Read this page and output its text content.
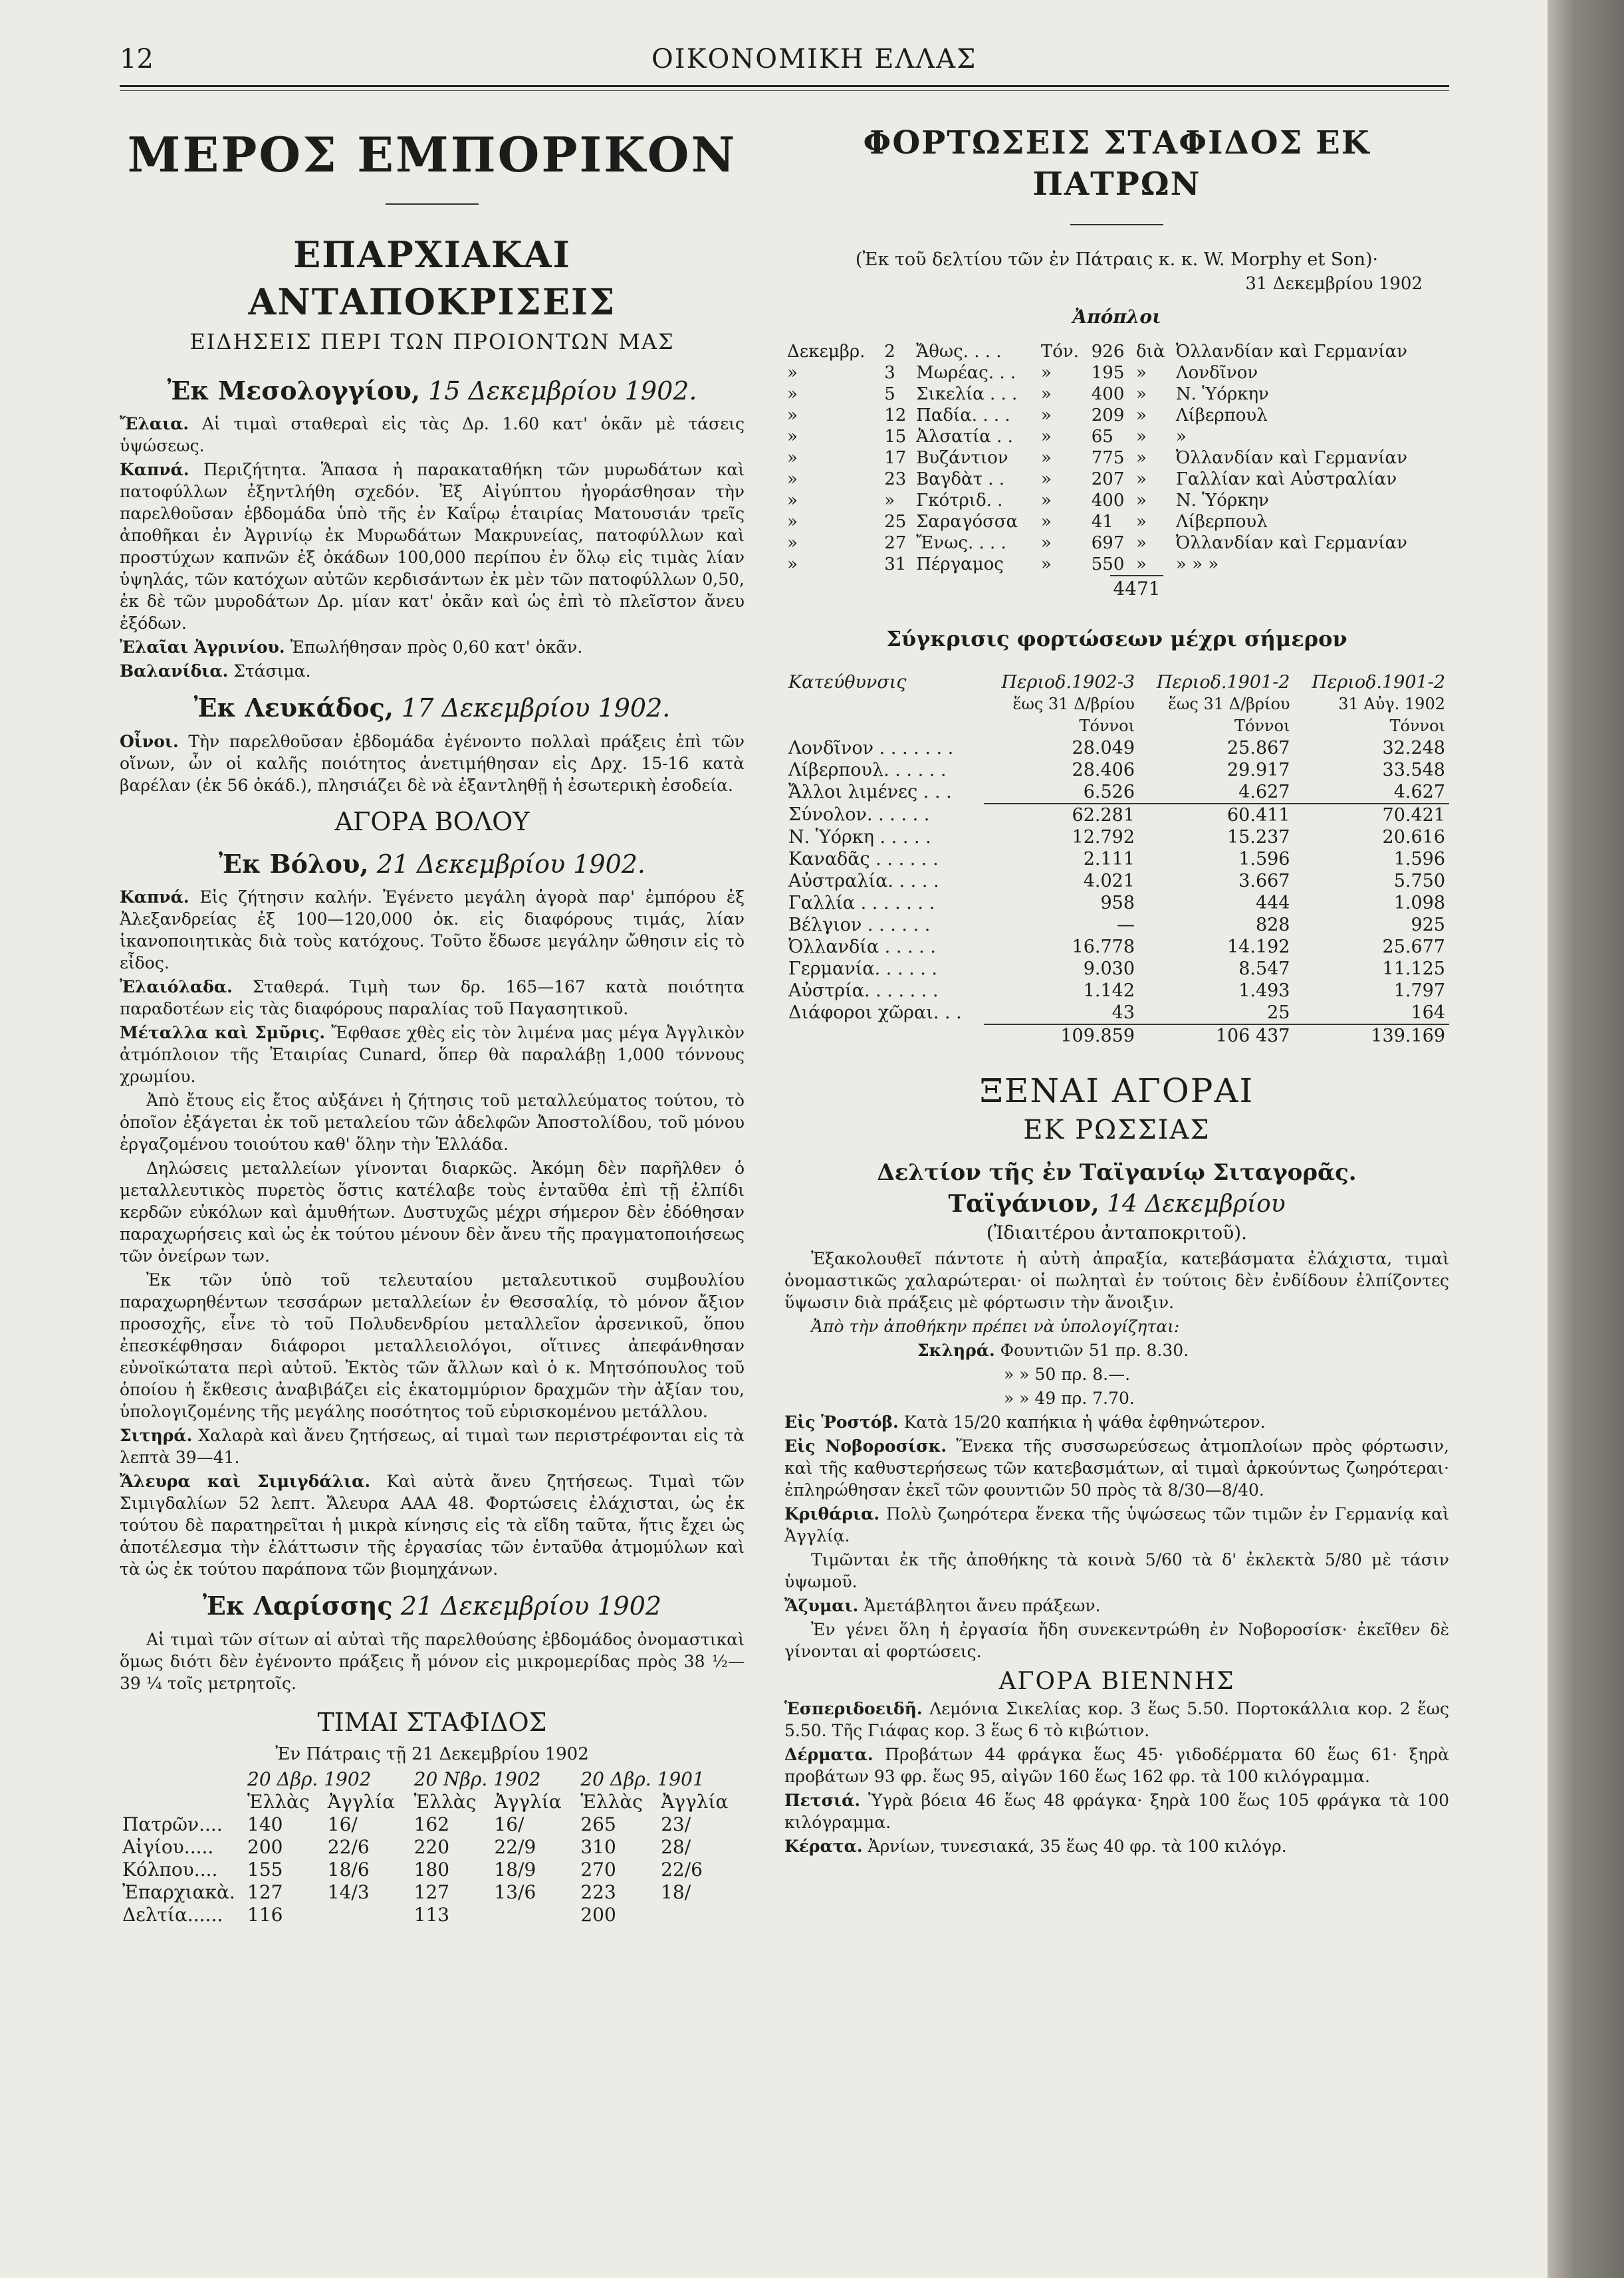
12	ΟΙΚΟΝΟΜΙΚΗ ΕΛΛΑΣ
ΜΕΡΟΣ ΕΜΠΟΡΙΚΟΝ
ΕΠΑΡΧΙΑΚΑΙ ΑΝΤΑΠΟΚΡΙΣΕΙΣ
ΕΙΔΗΣΕΙΣ ΠΕΡΙ ΤΩΝ ΠΡΟΙΟΝΤΩΝ ΜΑΣ
Ἐκ Μεσολογγίου, 15 Δεκεμβρίου 1902.

Ἔλαια. Αἱ τιμαὶ σταθεραὶ εἰς τὰς Δρ. 1.60 κατ' ὀκᾶν μὲ τάσεις ὑψώσεως.

Καπνά. Περιζήτητα. Ἅπασα ἡ παρακαταθήκη τῶν μυρωδάτων καὶ πατοφύλλων ἐξηντλήθη σχεδόν. Ἐξ Αἰγύπτου ἠγοράσθησαν τὴν παρελθοῦσαν ἑβδομάδα ὑπὸ τῆς ἐν Καΐρῳ ἑταιρίας Ματουσιάν τρεῖς ἀποθῆκαι ἐν Ἀγρινίῳ ἐκ Μυρωδάτων Μακρυνείας, πατοφύλλων καὶ προστύχων καπνῶν ἐξ ὀκάδων 100,000 περίπου ἐν ὅλῳ εἰς τιμὰς λίαν ὑψηλάς, τῶν κατόχων αὐτῶν κερδισάντων ἐκ μὲν τῶν πατοφύλλων 0,50, ἐκ δὲ τῶν μυροδάτων Δρ. μίαν κατ' ὀκᾶν καὶ ὡς ἐπὶ τὸ πλεῖστον ἄνευ ἐξόδων.

Ἐλαῖαι Ἀγρινίου. Ἐπωλήθησαν πρὸς 0,60 κατ' ὀκᾶν.

Βαλανίδια. Στάσιμα.

Ἐκ Λευκάδος, 17 Δεκεμβρίου 1902.

Οἶνοι. Τὴν παρελθοῦσαν ἑβδομάδα ἐγένοντο πολλαὶ πράξεις ἐπὶ τῶν οἴνων, ὧν οἱ καλῆς ποιότητος ἀνετιμήθησαν εἰς Δρχ. 15-16 κατὰ βαρέλαν (ἐκ 56 ὀκάδ.), πλησιάζει δὲ νὰ ἐξαντληθῇ ἡ ἐσωτερικὴ ἐσοδεία.

ΑΓΟΡΑ ΒΟΛΟΥ
Ἐκ Βόλου, 21 Δεκεμβρίου 1902.

Καπνά. Εἰς ζήτησιν καλήν. Ἐγένετο μεγάλη ἀγορὰ παρ' ἐμπόρου ἐξ Ἀλεξανδρείας ἐξ 100—120,000 ὀκ. εἰς διαφόρους τιμάς, λίαν ἱκανοποιητικὰς διὰ τοὺς κατόχους. Τοῦτο ἔδωσε μεγάλην ὤθησιν εἰς τὸ εἶδος.

Ἐλαιόλαδα. Σταθερά. Τιμὴ των δρ. 165—167 κατὰ ποιότητα παραδοτέων εἰς τὰς διαφόρους παραλίας τοῦ Παγασητικοῦ.

Μέταλλα καὶ Σμῦρις. Ἔφθασε χθὲς εἰς τὸν λιμένα μας μέγα Ἀγγλικὸν ἀτμόπλοιον τῆς Ἑταιρίας Cunard, ὅπερ θὰ παραλάβῃ 1,000 τόννους χρωμίου.

Ἀπὸ ἔτους εἰς ἔτος αὐξάνει ἡ ζήτησις τοῦ μεταλλεύματος τούτου, τὸ ὁποῖον ἐξάγεται ἐκ τοῦ μεταλείου τῶν ἀδελφῶν Ἀποστολίδου, τοῦ μόνου ἐργαζομένου τοιούτου καθ' ὅλην τὴν Ἑλλάδα.

Δηλώσεις μεταλλείων γίνονται διαρκῶς. Ἀκόμη δὲν παρῆλθεν ὁ μεταλλευτικὸς πυρετὸς ὅστις κατέλαβε τοὺς ἐνταῦθα ἐπὶ τῇ ἐλπίδι κερδῶν εὐκόλων καὶ ἀμυθήτων. Δυστυχῶς μέχρι σήμερον δὲν ἐδόθησαν παραχωρήσεις καὶ ὡς ἐκ τούτου μένουν δὲν ἄνευ τῆς πραγματοποιήσεως τῶν ὀνείρων των.

Ἐκ τῶν ὑπὸ τοῦ τελευταίου μεταλευτικοῦ συμβουλίου παραχωρηθέντων τεσσάρων μεταλλείων ἐν Θεσσαλίᾳ, τὸ μόνον ἄξιον προσοχῆς, εἶνε τὸ τοῦ Πολυδενδρίου μεταλλεῖον ἀρσενικοῦ, ὅπου ἐπεσκέφθησαν διάφοροι μεταλλειολόγοι, οἵτινες ἀπεφάνθησαν εὐνοϊκώτατα περὶ αὐτοῦ. Ἐκτὸς τῶν ἄλλων καὶ ὁ κ. Μητσόπουλος τοῦ ὁποίου ἡ ἔκθεσις ἀναβιβάζει εἰς ἑκατομμύριον δραχμῶν τὴν ἀξίαν του, ὑπολογιζομένης τῆς μεγάλης ποσότητος τοῦ εὑρισκομένου μετάλλου.

Σιτηρά. Χαλαρὰ καὶ ἄνευ ζητήσεως, αἱ τιμαὶ των περιστρέφονται εἰς τὰ λεπτὰ 39—41.

Ἄλευρα καὶ Σιμιγδάλια. Καὶ αὐτὰ ἄνευ ζητήσεως. Τιμαὶ τῶν Σιμιγδαλίων 52 λεπτ. Ἄλευρα ΑΑΑ 48. Φορτώσεις ἐλάχισται, ὡς ἐκ τούτου δὲ παρατηρεῖται ἡ μικρὰ κίνησις εἰς τὰ εἴδη ταῦτα, ἥτις ἔχει ὡς ἀποτέλεσμα τὴν ἐλάττωσιν τῆς ἐργασίας τῶν ἐνταῦθα ἀτμομύλων καὶ τὰ ὡς ἐκ τούτου παράπονα τῶν βιομηχάνων.

Ἐκ Λαρίσσης 21 Δεκεμβρίου 1902

Αἱ τιμαὶ τῶν σίτων αἱ αὐταὶ τῆς παρελθούσης ἑβδομάδος ὀνομαστικαὶ ὅμως διότι δὲν ἐγένοντο πράξεις ἤ μόνον εἰς μικρομερίδας πρὸς 38 ½—39 ¼ τοῖς μετρητοῖς.

ΤΙΜΑΙ ΣΤΑΦΙΔΟΣ

Ἐν Πάτραις τῇ 21 Δεκεμβρίου 1902

	20 Δβρ. 1902		20 Νβρ. 1902		20 Δβρ. 1901	
	Ἑλλὰς	Ἀγγλία	Ἑλλὰς	Ἀγγλία	Ἑλλὰς	Ἀγγλία
Πατρῶν....	140	16/	162	16/	265	23/
Αἰγίου.....	200	22/6	220	22/9	310	28/
Κόλπου....	155	18/6	180	18/9	270	22/6
Ἐπαρχιακὰ.	127	14/3	127	13/6	223	18/
Δελτία......	116		113		200	
ΦΟΡΤΩΣΕΙΣ ΣΤΑΦΙΔΟΣ ΕΚ ΠΑΤΡΩΝ

(Ἐκ τοῦ δελτίου τῶν ἐν Πάτραις κ. κ. W. Morphy et Son)·

31 Δεκεμβρίου 1902
Ἀπόπλοι
Δεκεμβρ.	2	Ἄθως. . . .	Τόν.	926	διὰ	Ὀλλανδίαν καὶ Γερμανίαν
»	3	Μωρέας. . .	»	195	»	Λονδῖνον
»	5	Σικελία . . .	»	400	»	Ν. Ὑόρκην
»	12	Παδία. . . .	»	209	»	Λίβερπουλ
»	15	Ἀλσατία . .	»	65	»	»
»	17	Βυζάντιον	»	775	»	Ὀλλανδίαν καὶ Γερμανίαν
»	23	Βαγδὰτ . .	»	207	»	Γαλλίαν καὶ Αὐστραλίαν
»	»	Γκότριδ. .	»	400	»	Ν. Ὑόρκην
»	25	Σαραγόσσα	»	41	»	Λίβερπουλ
»	27	Ἔνως. . . .	»	697	»	Ὀλλανδίαν καὶ Γερμανίαν
»	31	Πέργαμος	»	550	»	» » »
4471
Σύγκρισις φορτώσεων μέχρι σήμερον
Κατεύθυνσις	Περιοδ.1902-3	Περιοδ.1901-2	Περιοδ.1901-2
	ἕως 31 Δ/βρίου	ἕως 31 Δ/βρίου	31 Αὐγ. 1902
	Τόννοι	Τόννοι	Τόννοι
Λονδῖνον . . . . . . .	28.049	25.867	32.248
Λίβερπουλ. . . . . .	28.406	29.917	33.548
Ἄλλοι λιμένες . . .	6.526	4.627	4.627
Σύνολον. . . . . .	62.281	60.411	70.421
Ν. Ὑόρκη . . . . .	12.792	15.237	20.616
Καναδᾶς . . . . . .	2.111	1.596	1.596
Αὐστραλία. . . . .	4.021	3.667	5.750
Γαλλία . . . . . . .	958	444	1.098
Βέλγιον . . . . . .	—	828	925
Ὀλλανδία . . . . .	16.778	14.192	25.677
Γερμανία. . . . . .	9.030	8.547	11.125
Αὐστρία. . . . . . .	1.142	1.493	1.797
Διάφοροι χῶραι. . .	43	25	164
	109.859	106 437	139.169
ΞΕΝΑΙ ΑΓΟΡΑΙ
ΕΚ ΡΩΣΣΙΑΣ
Δελτίον τῆς ἐν Ταϊγανίῳ Σιταγορᾶς.
Ταϊγάνιον, 14 Δεκεμβρίου

(Ἰδιαιτέρου ἀνταποκριτοῦ).

Ἐξακολουθεῖ πάντοτε ἡ αὐτὴ ἀπραξία, κατεβάσματα ἐλάχιστα, τιμαὶ ὀνομαστικῶς χαλαρώτεραι· οἱ πωληταὶ ἐν τούτοις δὲν ἐνδίδουν ἐλπίζοντες ὕψωσιν διὰ πράξεις μὲ φόρτωσιν τὴν ἄνοιξιν.

Ἀπὸ τὴν ἀποθήκην πρέπει νὰ ὑπολογίζηται:

Σκληρά. Φουντιῶν 51 πρ. 8.30.

» » 50 πρ. 8.—.

» » 49 πρ. 7.70.

Εἰς Ῥοστόβ. Κατὰ 15/20 καπήκια ἡ ψάθα ἐφθηνώτερον.

Εἰς Νοβοροσίσκ. Ἕνεκα τῆς συσσωρεύσεως ἀτμοπλοίων πρὸς φόρτωσιν, καὶ τῆς καθυστερήσεως τῶν κατεβασμάτων, αἱ τιμαὶ ἀρκούντως ζωηρότεραι· ἐπληρώθησαν ἐκεῖ τῶν φουντιῶν 50 πρὸς τὰ 8/30—8/40.

Κριθάρια. Πολὺ ζωηρότερα ἕνεκα τῆς ὑψώσεως τῶν τιμῶν ἐν Γερμανίᾳ καὶ Ἀγγλίᾳ.

Τιμῶνται ἐκ τῆς ἀποθήκης τὰ κοινὰ 5/60 τὰ δ' ἐκλεκτὰ 5/80 μὲ τάσιν ὑψωμοῦ.

Ἄζυμαι. Ἀμετάβλητοι ἄνευ πράξεων.

Ἐν γένει ὅλη ἡ ἐργασία ἤδη συνεκεντρώθη ἐν Νοβοροσίσκ· ἐκεῖθεν δὲ γίνονται αἱ φορτώσεις.

ΑΓΟΡΑ ΒΙΕΝΝΗΣ

Ἑσπεριδοειδῆ. Λεμόνια Σικελίας κορ. 3 ἕως 5.50. Πορτοκάλλια κορ. 2 ἕως 5.50. Τῆς Γιάφας κορ. 3 ἕως 6 τὸ κιβώτιον.

Δέρματα. Προβάτων 44 φράγκα ἕως 45· γιδοδέρματα 60 ἕως 61· ξηρὰ προβάτων 93 φρ. ἕως 95, αἰγῶν 160 ἕως 162 φρ. τὰ 100 κιλόγραμμα.

Πετσιά. Ὑγρὰ βόεια 46 ἕως 48 φράγκα· ξηρὰ 100 ἕως 105 φράγκα τὰ 100 κιλόγραμμα.

Κέρατα. Ἀρνίων, τυνεσιακά, 35 ἕως 40 φρ. τὰ 100 κιλόγρ.
